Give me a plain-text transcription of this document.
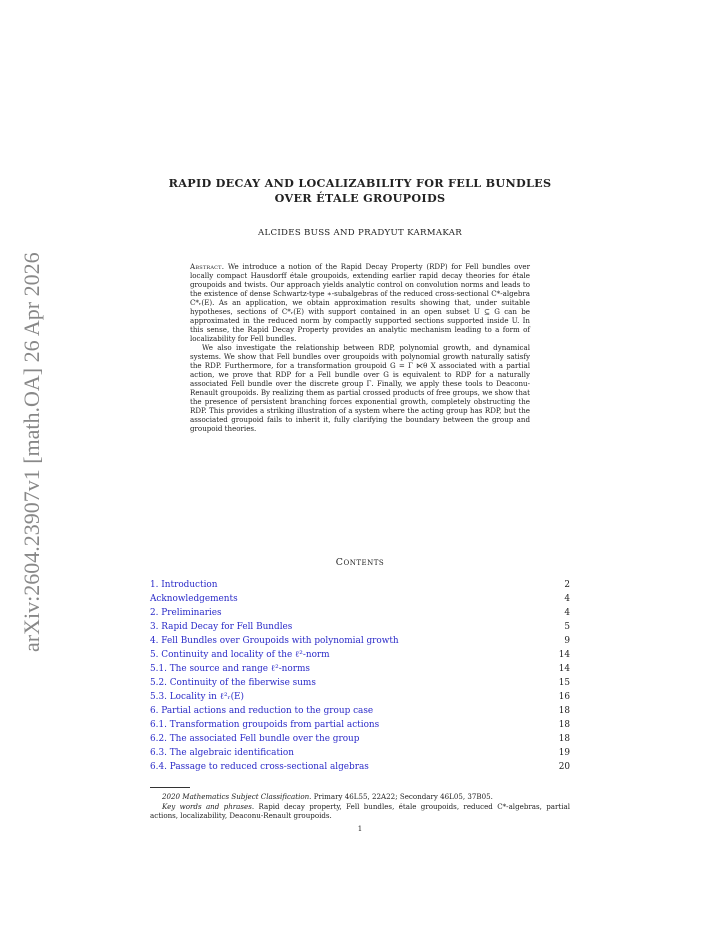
arXiv:2604.23907v1 [math.OA] 26 Apr 2026
RAPID DECAY AND LOCALIZABILITY FOR FELL BUNDLES
OVER ÉTALE GROUPOIDS
ALCIDES BUSS AND PRADYUT KARMAKAR

Abstract. We introduce a notion of the Rapid Decay Property (RDP) for Fell bundles over locally compact Hausdorff étale groupoids, extending earlier rapid decay theories for étale groupoids and twists. Our approach yields analytic control on convolution norms and leads to the existence of dense Schwartz-type ∗-subalgebras of the reduced cross-sectional C*-algebra C*ᵣ(E). As an application, we obtain approximation results showing that, under suitable hypotheses, sections of C*ᵣ(E) with support contained in an open subset U ⊆ G can be approximated in the reduced norm by compactly supported sections supported inside U. In this sense, the Rapid Decay Property provides an analytic mechanism leading to a form of localizability for Fell bundles.

We also investigate the relationship between RDP, polynomial growth, and dynamical systems. We show that Fell bundles over groupoids with polynomial growth naturally satisfy the RDP. Furthermore, for a transformation groupoid G = Γ ⋉θ X associated with a partial action, we prove that RDP for a Fell bundle over G is equivalent to RDP for a naturally associated Fell bundle over the discrete group Γ. Finally, we apply these tools to Deaconu-Renault groupoids. By realizing them as partial crossed products of free groups, we show that the presence of persistent branching forces exponential growth, completely obstructing the RDP. This provides a striking illustration of a system where the acting group has RDP, but the associated groupoid fails to inherit it, fully clarifying the boundary between the group and groupoid theories.

Contents
1. Introduction	2
Acknowledgements	4
2. Preliminaries	4
3. Rapid Decay for Fell Bundles	5
4. Fell Bundles over Groupoids with polynomial growth	9
5. Continuity and locality of the ℓ²-norm	14
5.1. The source and range ℓ²-norms	14
5.2. Continuity of the fiberwise sums	15
5.3. Locality in ℓ²ᵣ(E)	16
6. Partial actions and reduction to the group case	18
6.1. Transformation groupoids from partial actions	18
6.2. The associated Fell bundle over the group	18
6.3. The algebraic identification	19
6.4. Passage to reduced cross-sectional algebras	20

2020 Mathematics Subject Classification. Primary 46L55, 22A22; Secondary 46L05, 37B05.

Key words and phrases. Rapid decay property, Fell bundles, étale groupoids, reduced C*-algebras, partial actions, localizability, Deaconu-Renault groupoids.

1
